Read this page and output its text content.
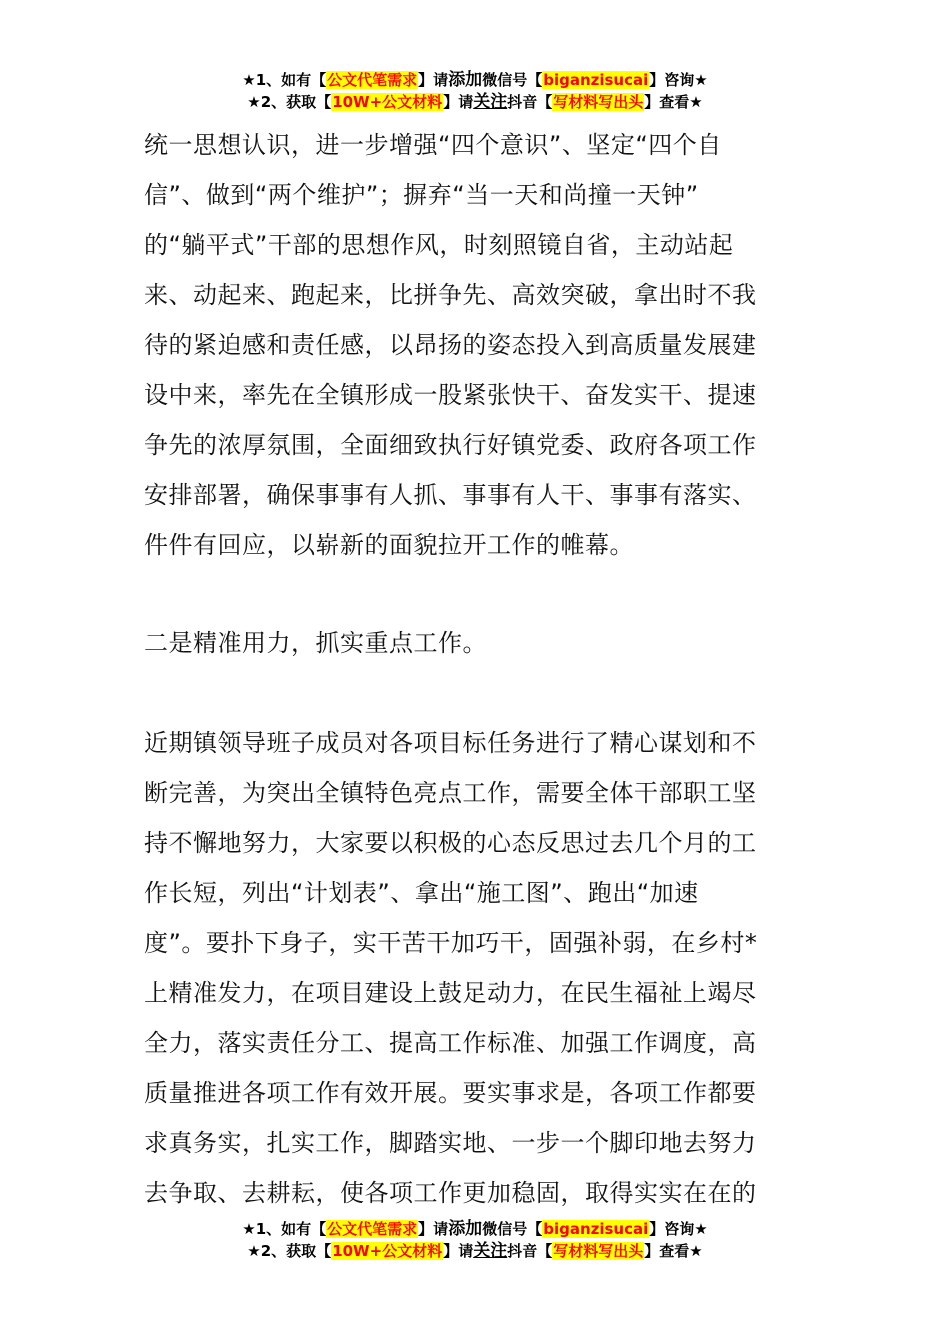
★1、如有【公文代笔需求】请添加微信号【biganzisucai】咨询★
★2、获取【10W+公文材料】请关注抖音【写材料写出头】查看★
统一思想认识，进一步增强“四个意识”、坚定“四个自
信”、做到“两个维护”；摒弃“当一天和尚撞一天钟”
的“躺平式”干部的思想作风，时刻照镜自省，主动站起
来、动起来、跑起来，比拼争先、高效突破，拿出时不我
待的紧迫感和责任感，以昂扬的姿态投入到高质量发展建
设中来，率先在全镇形成一股紧张快干、奋发实干、提速
争先的浓厚氛围，全面细致执行好镇党委、政府各项工作
安排部署，确保事事有人抓、事事有人干、事事有落实、
件件有回应，以崭新的面貌拉开工作的帷幕。
二是精准用力，抓实重点工作。
近期镇领导班子成员对各项目标任务进行了精心谋划和不
断完善，为突出全镇特色亮点工作，需要全体干部职工坚
持不懈地努力，大家要以积极的心态反思过去几个月的工
作长短，列出“计划表”、拿出“施工图”、跑出“加速
度”。要扑下身子，实干苦干加巧干，固强补弱，在乡村*
上精准发力，在项目建设上鼓足动力，在民生福祉上竭尽
全力，落实责任分工、提高工作标准、加强工作调度，高
质量推进各项工作有效开展。要实事求是，各项工作都要
求真务实，扎实工作，脚踏实地、一步一个脚印地去努力
去争取、去耕耘，使各项工作更加稳固，取得实实在在的
★1、如有【公文代笔需求】请添加微信号【biganzisucai】咨询★
★2、获取【10W+公文材料】请关注抖音【写材料写出头】查看★
